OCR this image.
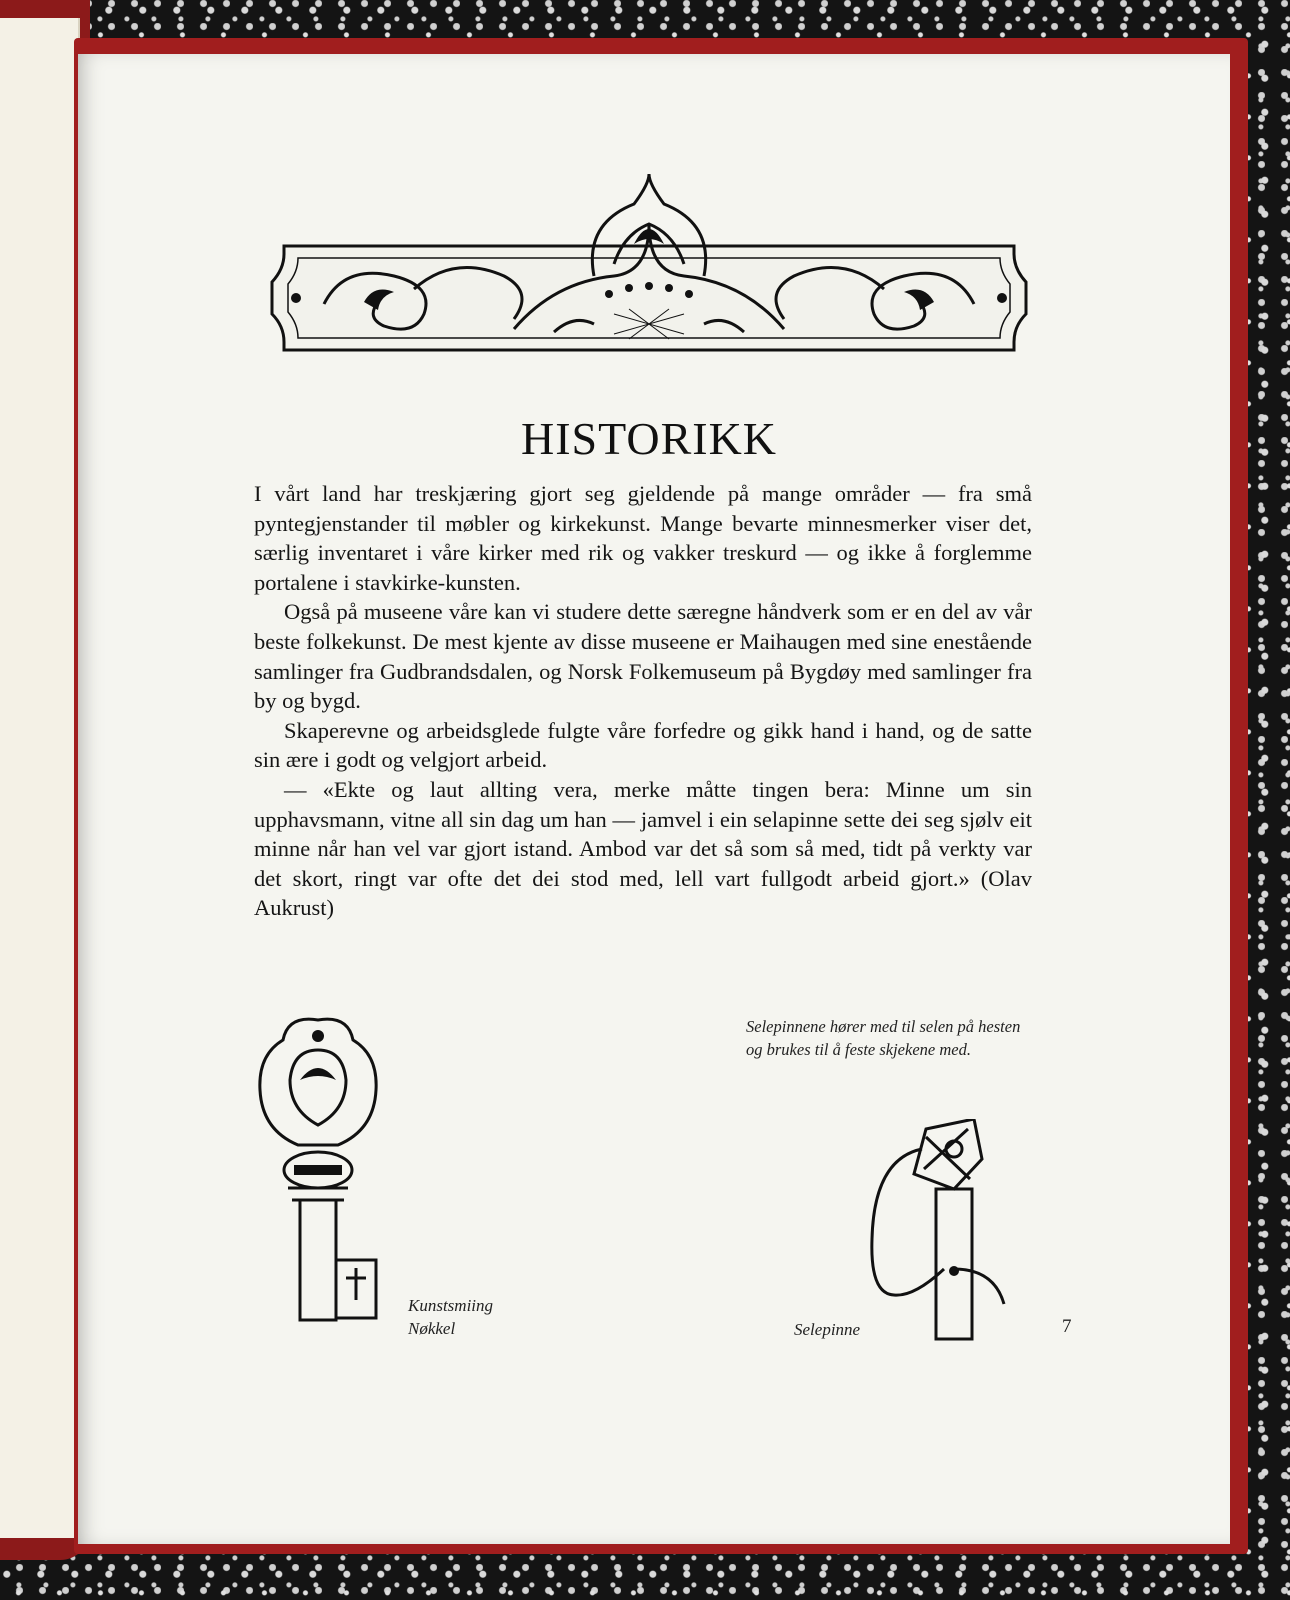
HISTORIKK

I vårt land har treskjæring gjort seg gjeldende på mange områder — fra små pyntegjenstander til møbler og kirkekunst. Mange bevarte minnesmerker viser det, særlig inventaret i våre kirker med rik og vakker treskurd — og ikke å forglemme portalene i stavkirke-kunsten.

Også på museene våre kan vi studere dette særegne håndverk som er en del av vår beste folkekunst. De mest kjente av disse museene er Maihaugen med sine enestående samlinger fra Gudbrandsdalen, og Norsk Folkemuseum på Bygdøy med samlinger fra by og bygd.

Skaperevne og arbeidsglede fulgte våre forfedre og gikk hand i hand, og de satte sin ære i godt og velgjort arbeid.

— «Ekte og laut allting vera, merke måtte tingen bera: Minne um sin upphavsmann, vitne all sin dag um han — jamvel i ein selapinne sette dei seg sjølv eit minne når han vel var gjort istand. Ambod var det så som så med, tidt på verkty var det skort, ringt var ofte det dei stod med, lell vart fullgodt arbeid gjort.» (Olav Aukrust)

Kunstsmiing
Nøkkel
Selepinnene hører med til selen på hesten og brukes til å feste skjekene med.
Selepinne	7
